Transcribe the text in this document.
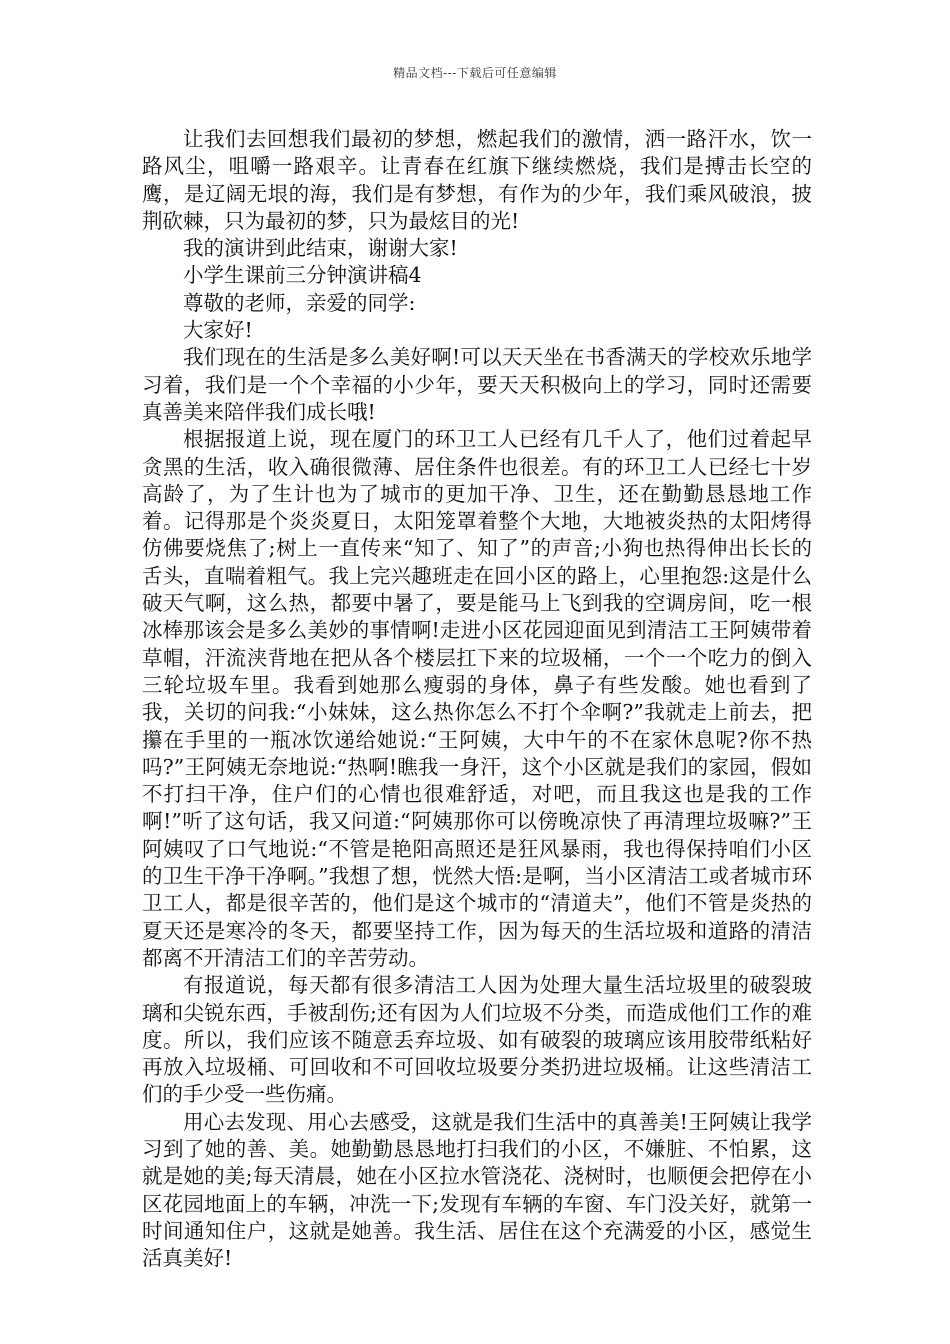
精品文档---下载后可任意编辑

让我们去回想我们最初的梦想，燃起我们的激情，洒一路汗水，饮一路风尘，咀嚼一路艰辛。让青春在红旗下继续燃烧，我们是搏击长空的鹰，是辽阔无垠的海，我们是有梦想，有作为的少年，我们乘风破浪，披荆砍棘，只为最初的梦，只为最炫目的光!

我的演讲到此结束，谢谢大家!

小学生课前三分钟演讲稿4

尊敬的老师，亲爱的同学:

大家好!

我们现在的生活是多么美好啊!可以天天坐在书香满天的学校欢乐地学习着，我们是一个个幸福的小少年，要天天积极向上的学习，同时还需要真善美来陪伴我们成长哦!

根据报道上说，现在厦门的环卫工人已经有几千人了，他们过着起早贪黑的生活，收入确很微薄、居住条件也很差。有的环卫工人已经七十岁高龄了，为了生计也为了城市的更加干净、卫生，还在勤勤恳恳地工作着。记得那是个炎炎夏日，太阳笼罩着整个大地，大地被炎热的太阳烤得仿佛要烧焦了;树上一直传来“知了、知了”的声音;小狗也热得伸出长长的舌头，直喘着粗气。我上完兴趣班走在回小区的路上，心里抱怨:这是什么破天气啊，这么热，都要中暑了，要是能马上飞到我的空调房间，吃一根冰棒那该会是多么美妙的事情啊!走进小区花园迎面见到清洁工王阿姨带着草帽，汗流浃背地在把从各个楼层扛下来的垃圾桶，一个一个吃力的倒入三轮垃圾车里。我看到她那么瘦弱的身体，鼻子有些发酸。她也看到了我，关切的问我:“小妹妹，这么热你怎么不打个伞啊?”我就走上前去，把攥在手里的一瓶冰饮递给她说:“王阿姨，大中午的不在家休息呢?你不热吗?”王阿姨无奈地说:“热啊!瞧我一身汗，这个小区就是我们的家园，假如不打扫干净，住户们的心情也很难舒适，对吧，而且我这也是我的工作啊!”听了这句话，我又问道:“阿姨那你可以傍晚凉快了再清理垃圾嘛?”王阿姨叹了口气地说:“不管是艳阳高照还是狂风暴雨，我也得保持咱们小区的卫生干净干净啊。”我想了想，恍然大悟:是啊，当小区清洁工或者城市环卫工人，都是很辛苦的，他们是这个城市的“清道夫”，他们不管是炎热的夏天还是寒冷的冬天，都要坚持工作，因为每天的生活垃圾和道路的清洁都离不开清洁工们的辛苦劳动。

有报道说，每天都有很多清洁工人因为处理大量生活垃圾里的破裂玻璃和尖锐东西，手被刮伤;还有因为人们垃圾不分类，而造成他们工作的难度。所以，我们应该不随意丢弃垃圾、如有破裂的玻璃应该用胶带纸粘好再放入垃圾桶、可回收和不可回收垃圾要分类扔进垃圾桶。让这些清洁工们的手少受一些伤痛。

用心去发现、用心去感受，这就是我们生活中的真善美!王阿姨让我学习到了她的善、美。她勤勤恳恳地打扫我们的小区，不嫌脏、不怕累，这就是她的美;每天清晨，她在小区拉水管浇花、浇树时，也顺便会把停在小区花园地面上的车辆，冲洗一下;发现有车辆的车窗、车门没关好，就第一时间通知住户，这就是她善。我生活、居住在这个充满爱的小区，感觉生活真美好!
